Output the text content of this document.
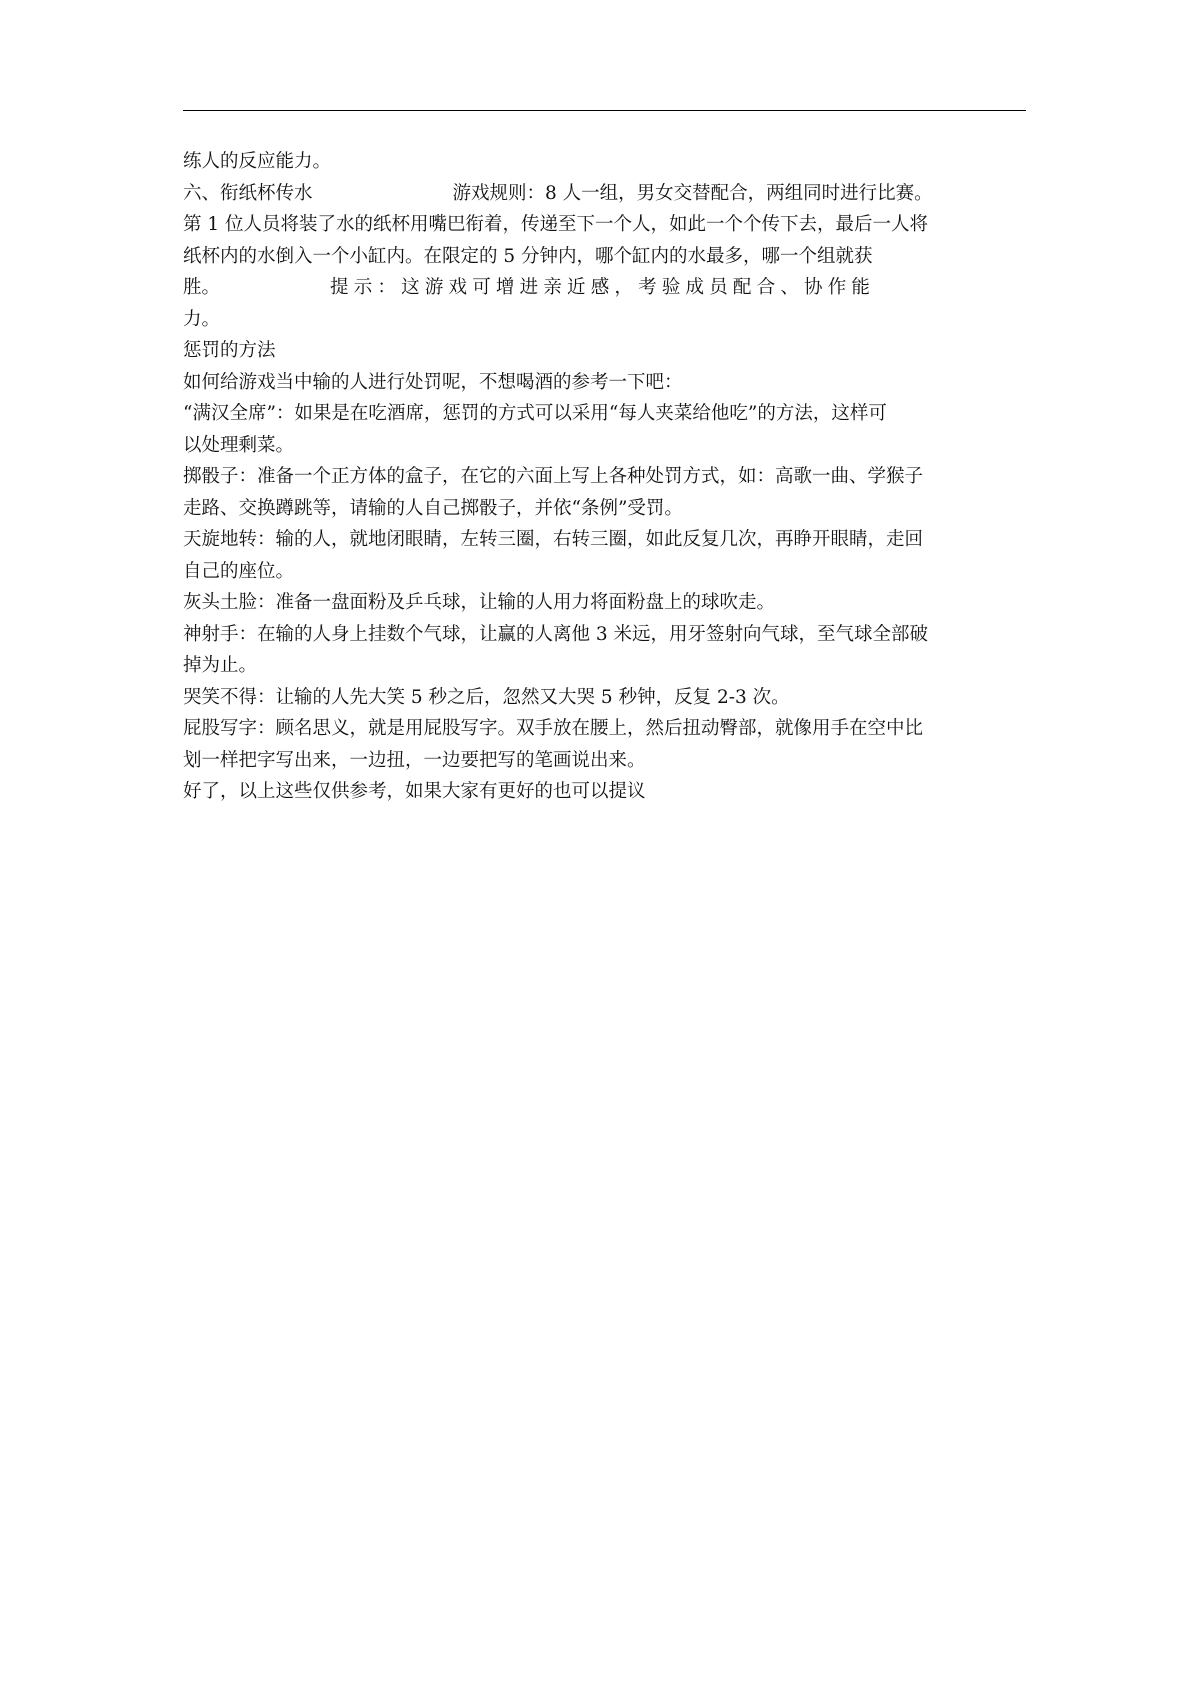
练人的反应能力。
六、衔纸杯传水	游戏规则：8 人一组，男女交替配合，两组同时进行比赛。
第 1 位人员将装了水的纸杯用嘴巴衔着，传递至下一个人，如此一个个传下去，最后一人将
纸杯内的水倒入一个小缸内。在限定的 5 分钟内，哪个缸内的水最多，哪一个组就获
胜。	提示：这游戏可增进亲近感，考验成员配合、协作能
力。
惩罚的方法
如何给游戏当中输的人进行处罚呢，不想喝酒的参考一下吧：
“满汉全席”：如果是在吃酒席，惩罚的方式可以采用“每人夹菜给他吃”的方法，这样可
以处理剩菜。
掷骰子：准备一个正方体的盒子，在它的六面上写上各种处罚方式，如：高歌一曲、学猴子
走路、交换蹲跳等，请输的人自己掷骰子，并依“条例”受罚。
天旋地转：输的人，就地闭眼睛，左转三圈，右转三圈，如此反复几次，再睁开眼睛，走回
自己的座位。
灰头土脸：准备一盘面粉及乒乓球，让输的人用力将面粉盘上的球吹走。
神射手：在输的人身上挂数个气球，让赢的人离他 3 米远，用牙签射向气球，至气球全部破
掉为止。
哭笑不得：让输的人先大笑 5 秒之后，忽然又大哭 5 秒钟，反复 2-3 次。
屁股写字：顾名思义，就是用屁股写字。双手放在腰上，然后扭动臀部，就像用手在空中比
划一样把字写出来，一边扭，一边要把写的笔画说出来。
好了，以上这些仅供参考，如果大家有更好的也可以提议
